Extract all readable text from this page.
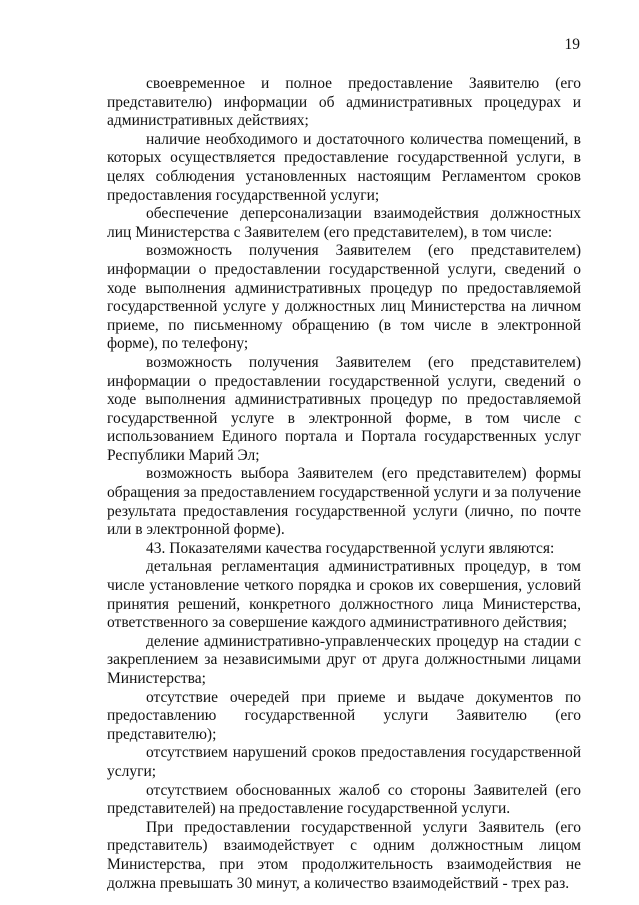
19

своевременное и полное предоставление Заявителю (его представителю) информации об административных процедурах и административных действиях;

наличие необходимого и достаточного количества помещений, в которых осуществляется предоставление государственной услуги, в целях соблюдения установленных настоящим Регламентом сроков предоставления государственной услуги;

обеспечение деперсонализации взаимодействия должностных лиц Министерства с Заявителем (его представителем), в том числе:

возможность получения Заявителем (его представителем) информации о предоставлении государственной услуги, сведений о ходе выполнения административных процедур по предоставляемой государственной услуге у должностных лиц Министерства на личном приеме, по письменному обращению (в том числе в электронной форме), по телефону;

возможность получения Заявителем (его представителем) информации о предоставлении государственной услуги, сведений о ходе выполнения административных процедур по предоставляемой государственной услуге в электронной форме, в том числе с использованием Единого портала и Портала государственных услуг Республики Марий Эл;

возможность выбора Заявителем (его представителем) формы обращения за предоставлением государственной услуги и за получение результата предоставления государственной услуги (лично, по почте или в электронной форме).

43. Показателями качества государственной услуги являются:

детальная регламентация административных процедур, в том числе установление четкого порядка и сроков их совершения, условий принятия решений, конкретного должностного лица Министерства, ответственного за совершение каждого административного действия;

деление административно-управленческих процедур на стадии с закреплением за независимыми друг от друга должностными лицами Министерства;

отсутствие очередей при приеме и выдаче документов по предоставлению государственной услуги Заявителю (его представителю);

отсутствием нарушений сроков предоставления государственной услуги;

отсутствием обоснованных жалоб со стороны Заявителей (его представителей) на предоставление государственной услуги.

При предоставлении государственной услуги Заявитель (его представитель) взаимодействует с одним должностным лицом Министерства, при этом продолжительность взаимодействия не должна превышать 30 минут, а количество взаимодействий - трех раз.
